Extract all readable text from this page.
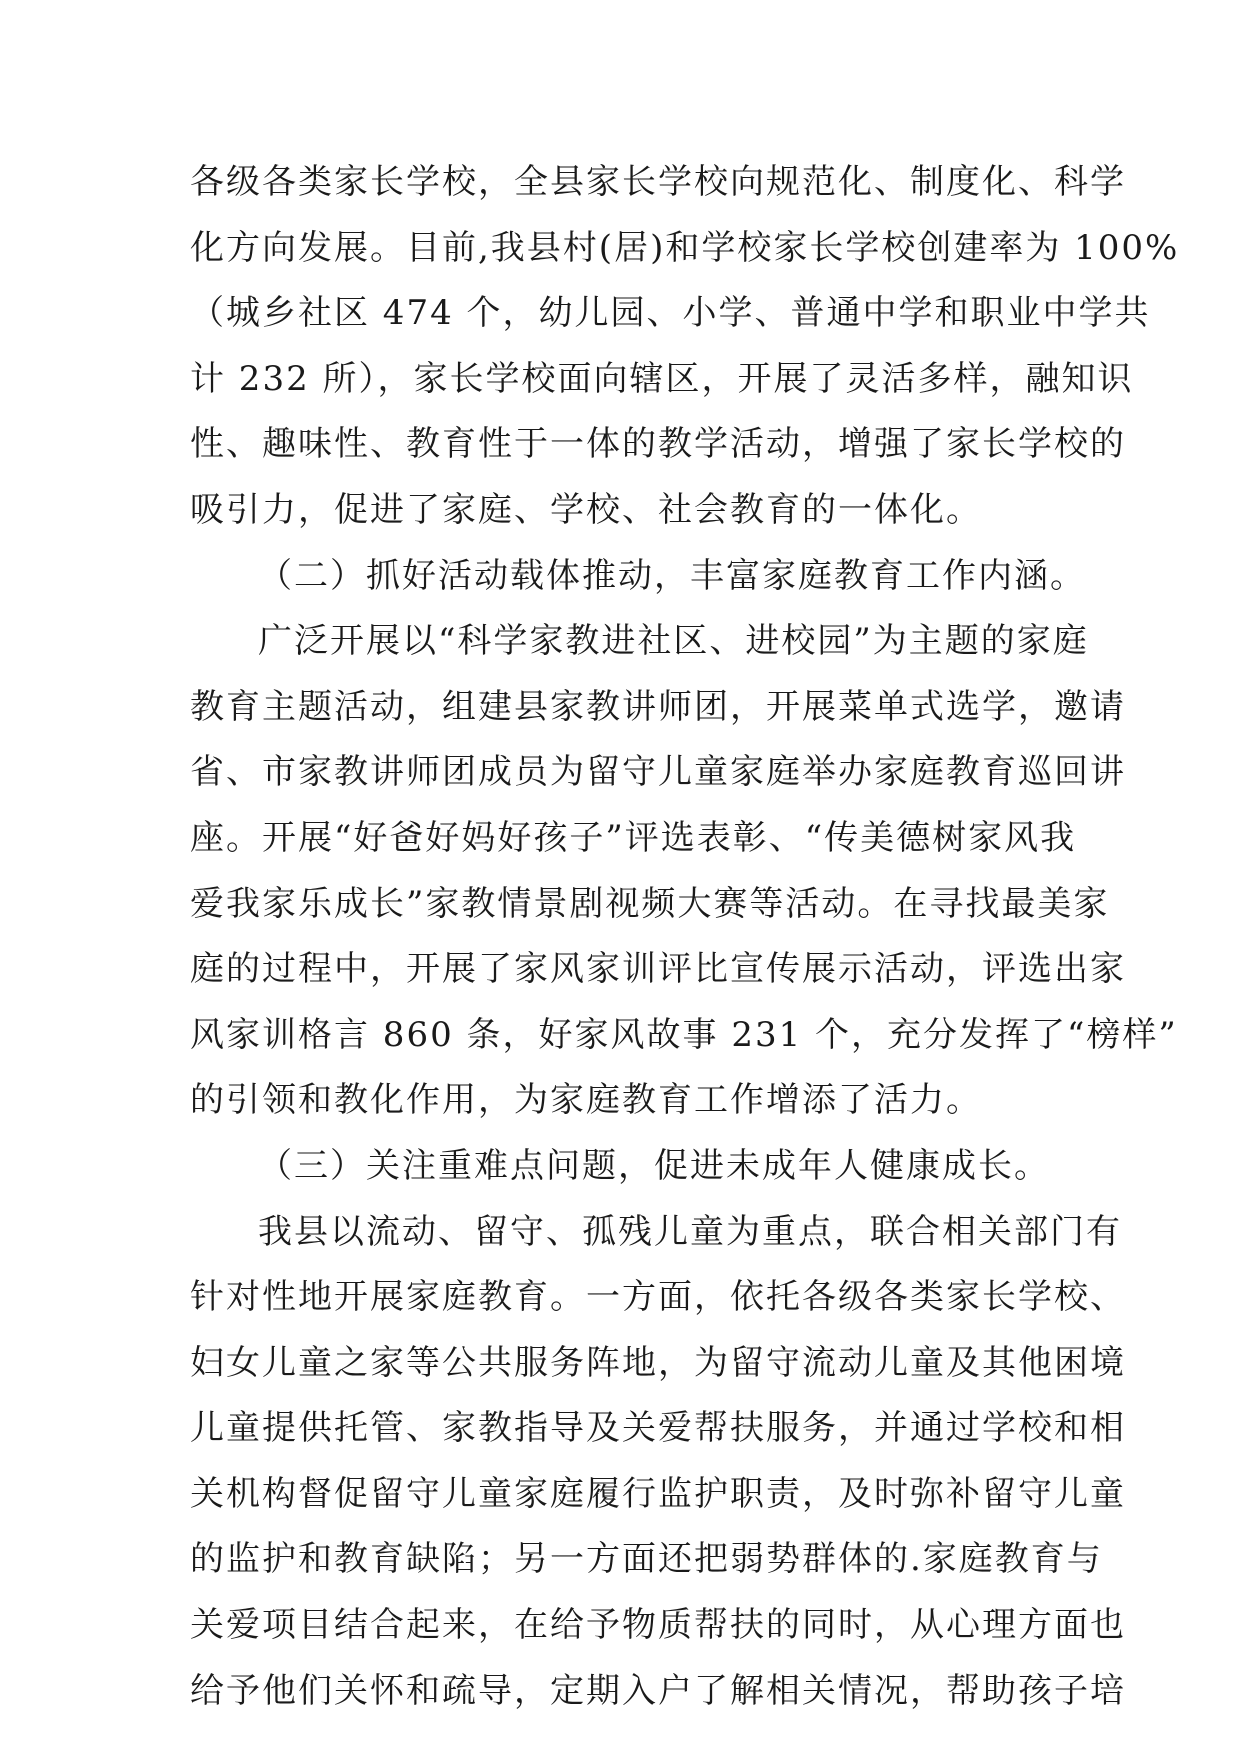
各级各类家长学校，全县家长学校向规范化、制度化、科学
化方向发展。目前,我县村(居)和学校家长学校创建率为 100%
（城乡社区 474 个，幼儿园、小学、普通中学和职业中学共
计 232 所），家长学校面向辖区，开展了灵活多样，融知识
性、趣味性、教育性于一体的教学活动，增强了家长学校的
吸引力，促进了家庭、学校、社会教育的一体化。
（二）抓好活动载体推动，丰富家庭教育工作内涵。
广泛开展以“科学家教进社区、进校园”为主题的家庭
教育主题活动，组建县家教讲师团，开展菜单式选学，邀请
省、市家教讲师团成员为留守儿童家庭举办家庭教育巡回讲
座。开展“好爸好妈好孩子”评选表彰、“传美德树家风我
爱我家乐成长”家教情景剧视频大赛等活动。在寻找最美家
庭的过程中，开展了家风家训评比宣传展示活动，评选出家
风家训格言 860 条，好家风故事 231 个，充分发挥了“榜样”
的引领和教化作用，为家庭教育工作增添了活力。
（三）关注重难点问题，促进未成年人健康成长。
我县以流动、留守、孤残儿童为重点，联合相关部门有
针对性地开展家庭教育。一方面，依托各级各类家长学校、
妇女儿童之家等公共服务阵地，为留守流动儿童及其他困境
儿童提供托管、家教指导及关爱帮扶服务，并通过学校和相
关机构督促留守儿童家庭履行监护职责，及时弥补留守儿童
的监护和教育缺陷；另一方面还把弱势群体的.家庭教育与
关爱项目结合起来，在给予物质帮扶的同时，从心理方面也
给予他们关怀和疏导，定期入户了解相关情况，帮助孩子培
